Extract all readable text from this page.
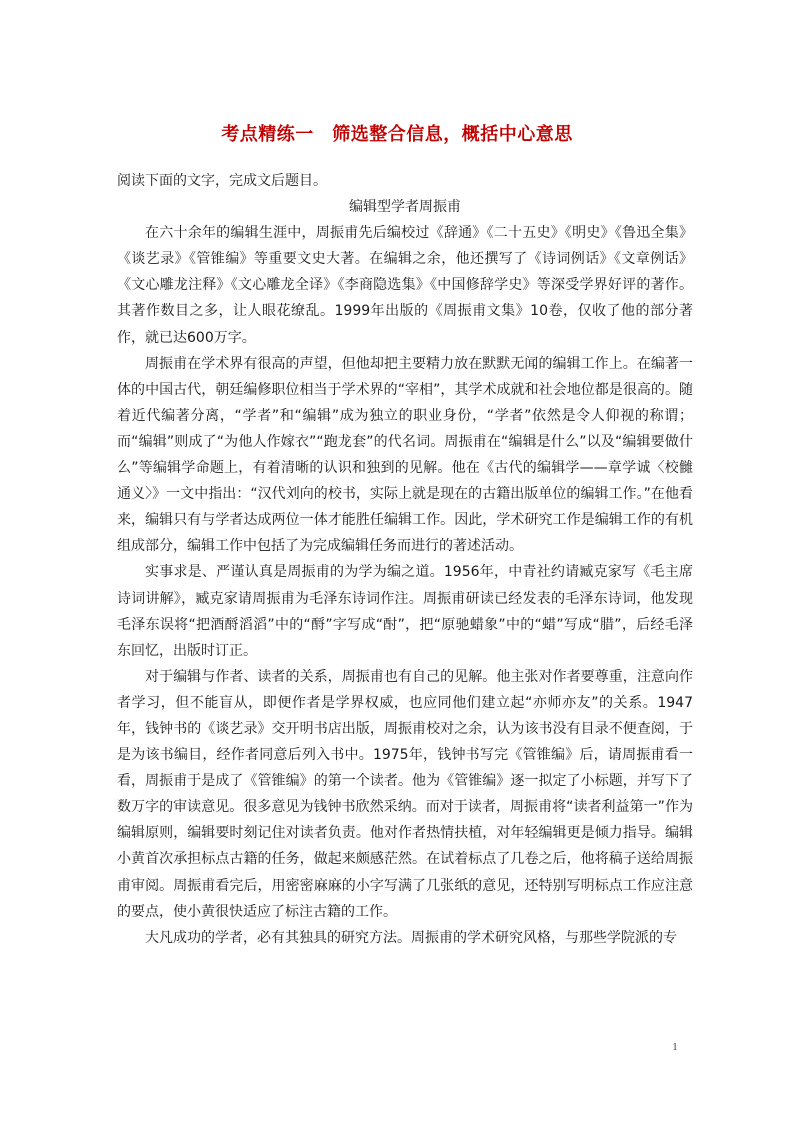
考点精练一　筛选整合信息，概括中心意思

阅读下面的文字，完成文后题目。

编辑型学者周振甫

在六十余年的编辑生涯中，周振甫先后编校过《辞通》《二十五史》《明史》《鲁迅全集》《谈艺录》《管锥编》等重要文史大著。在编辑之余，他还撰写了《诗词例话》《文章例话》《文心雕龙注释》《文心雕龙全译》《李商隐选集》《中国修辞学史》等深受学界好评的著作。其著作数目之多，让人眼花缭乱。1999年出版的《周振甫文集》10卷，仅收了他的部分著作，就已达600万字。

周振甫在学术界有很高的声望，但他却把主要精力放在默默无闻的编辑工作上。在编著一体的中国古代，朝廷编修职位相当于学术界的“宰相”，其学术成就和社会地位都是很高的。随着近代编著分离，“学者”和“编辑”成为独立的职业身份，“学者”依然是令人仰视的称谓；而“编辑”则成了“为他人作嫁衣”“跑龙套”的代名词。周振甫在“编辑是什么”以及“编辑要做什么”等编辑学命题上，有着清晰的认识和独到的见解。他在《古代的编辑学——章学诚〈校雠通义〉》一文中指出：“汉代刘向的校书，实际上就是现在的古籍出版单位的编辑工作。”在他看来，编辑只有与学者达成两位一体才能胜任编辑工作。因此，学术研究工作是编辑工作的有机组成部分，编辑工作中包括了为完成编辑任务而进行的著述活动。

实事求是、严谨认真是周振甫的为学为编之道。1956年，中青社约请臧克家写《毛主席诗词讲解》，臧克家请周振甫为毛泽东诗词作注。周振甫研读已经发表的毛泽东诗词，他发现毛泽东误将“把酒酹滔滔”中的“酹”字写成“酎”，把“原驰蜡象”中的“蜡”写成“腊”，后经毛泽东回忆，出版时订正。

对于编辑与作者、读者的关系，周振甫也有自己的见解。他主张对作者要尊重，注意向作者学习，但不能盲从，即便作者是学界权威，也应同他们建立起“亦师亦友”的关系。1947年，钱钟书的《谈艺录》交开明书店出版，周振甫校对之余，认为该书没有目录不便查阅，于是为该书编目，经作者同意后列入书中。1975年，钱钟书写完《管锥编》后，请周振甫看一看，周振甫于是成了《管锥编》的第一个读者。他为《管锥编》逐一拟定了小标题，并写下了数万字的审读意见。很多意见为钱钟书欣然采纳。而对于读者，周振甫将“读者利益第一”作为编辑原则，编辑要时刻记住对读者负责。他对作者热情扶植，对年轻编辑更是倾力指导。编辑小黄首次承担标点古籍的任务，做起来颇感茫然。在试着标点了几卷之后，他将稿子送给周振甫审阅。周振甫看完后，用密密麻麻的小字写满了几张纸的意见，还特别写明标点工作应注意的要点，使小黄很快适应了标注古籍的工作。

大凡成功的学者，必有其独具的研究方法。周振甫的学术研究风格，与那些学院派的专

1
